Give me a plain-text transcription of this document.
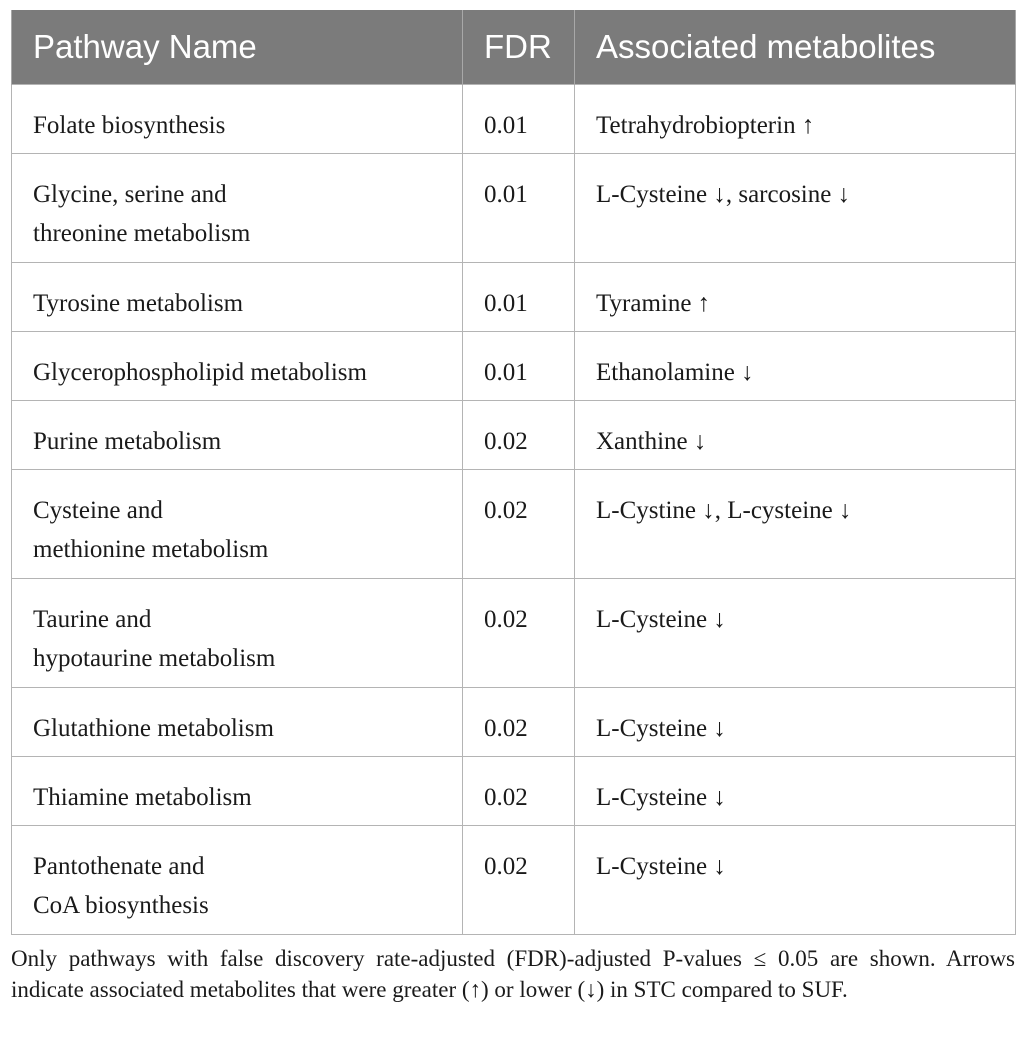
Pathway Name	FDR	Associated metabolites
Folate biosynthesis	0.01	Tetrahydrobiopterin ↑
Glycine, serine and
threonine metabolism	0.01	L-Cysteine ↓, sarcosine ↓
Tyrosine metabolism	0.01	Tyramine ↑
Glycerophospholipid metabolism	0.01	Ethanolamine ↓
Purine metabolism	0.02	Xanthine ↓
Cysteine and
methionine metabolism	0.02	L-Cystine ↓, L-cysteine ↓
Taurine and
hypotaurine metabolism	0.02	L-Cysteine ↓
Glutathione metabolism	0.02	L-Cysteine ↓
Thiamine metabolism	0.02	L-Cysteine ↓
Pantothenate and
CoA biosynthesis	0.02	L-Cysteine ↓
Only pathways with false discovery rate-adjusted (FDR)-adjusted P-values ≤ 0.05 are shown. Arrows indicate associated metabolites that were greater (↑) or lower (↓) in STC compared to SUF.
